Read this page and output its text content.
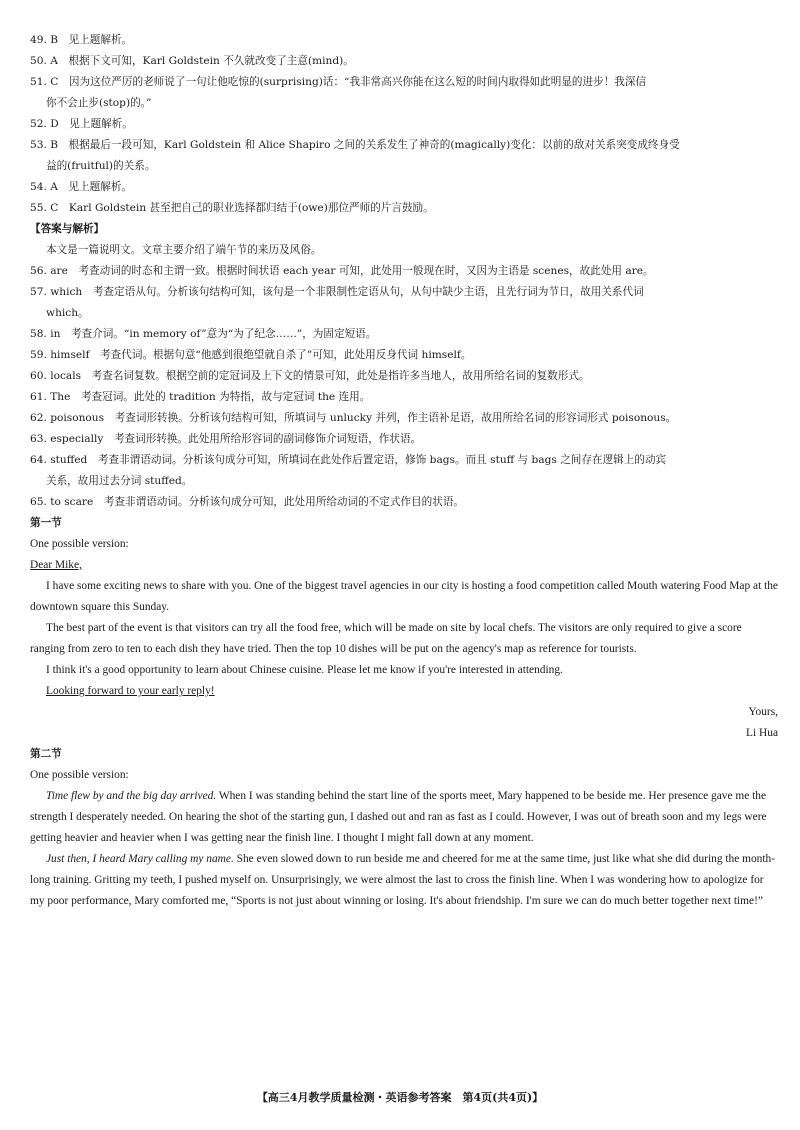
49. B　见上题解析。
50. A　根据下文可知，Karl Goldstein 不久就改变了主意(mind)。
51. C　因为这位严厉的老师说了一句让他吃惊的(surprising)话：“我非常高兴你能在这么短的时间内取得如此明显的进步！我深信
你不会止步(stop)的。”
52. D　见上题解析。
53. B　根据最后一段可知，Karl Goldstein 和 Alice Shapiro 之间的关系发生了神奇的(magically)变化：以前的敌对关系突变成终身受
益的(fruitful)的关系。
54. A　见上题解析。
55. C　Karl Goldstein 甚至把自己的职业选择都归结于(owe)那位严师的片言鼓励。
【答案与解析】
本文是一篇说明文。文章主要介绍了端午节的来历及风俗。
56. are　考查动词的时态和主谓一致。根据时间状语 each year 可知，此处用一般现在时，又因为主语是 scenes，故此处用 are。
57. which　考查定语从句。分析该句结构可知，该句是一个非限制性定语从句，从句中缺少主语，且先行词为节日，故用关系代词
which。
58. in　考查介词。“in memory of”意为“为了纪念……”，为固定短语。
59. himself　考查代词。根据句意“他感到很绝望就自杀了”可知，此处用反身代词 himself。
60. locals　考查名词复数。根据空前的定冠词及上下文的情景可知，此处是指许多当地人，故用所给名词的复数形式。
61. The　考查冠词。此处的 tradition 为特指，故与定冠词 the 连用。
62. poisonous　考查词形转换。分析该句结构可知，所填词与 unlucky 并列，作主语补足语，故用所给名词的形容词形式 poisonous。
63. especially　考查词形转换。此处用所给形容词的副词修饰介词短语，作状语。
64. stuffed　考查非谓语动词。分析该句成分可知，所填词在此处作后置定语，修饰 bags。而且 stuff 与 bags 之间存在逻辑上的动宾
关系，故用过去分词 stuffed。
65. to scare　考查非谓语动词。分析该句成分可知，此处用所给动词的不定式作目的状语。
第一节
One possible version:
Dear Mike,
I have some exciting news to share with you. One of the biggest travel agencies in our city is hosting a food competition called Mouth watering Food Map at the downtown square this Sunday.
The best part of the event is that visitors can try all the food free, which will be made on site by local chefs. The visitors are only required to give a score ranging from zero to ten to each dish they have tried. Then the top 10 dishes will be put on the agency's map as reference for tourists.
I think it's a good opportunity to learn about Chinese cuisine. Please let me know if you're interested in attending.
Looking forward to your early reply!
Yours,
Li Hua
第二节
One possible version:
Time flew by and the big day arrived. When I was standing behind the start line of the sports meet, Mary happened to be beside me. Her presence gave me the strength I desperately needed. On hearing the shot of the starting gun, I dashed out and ran as fast as I could. However, I was out of breath soon and my legs were getting heavier and heavier when I was getting near the finish line. I thought I might fall down at any moment.
Just then, I heard Mary calling my name. She even slowed down to run beside me and cheered for me at the same time, just like what she did during the month-long training. Gritting my teeth, I pushed myself on. Unsurprisingly, we were almost the last to cross the finish line. When I was wondering how to apologize for my poor performance, Mary comforted me, “Sports is not just about winning or losing. It's about friendship. I'm sure we can do much better together next time!”
【高三4月教学质量检测・英语参考答案　第4页(共4页)】
